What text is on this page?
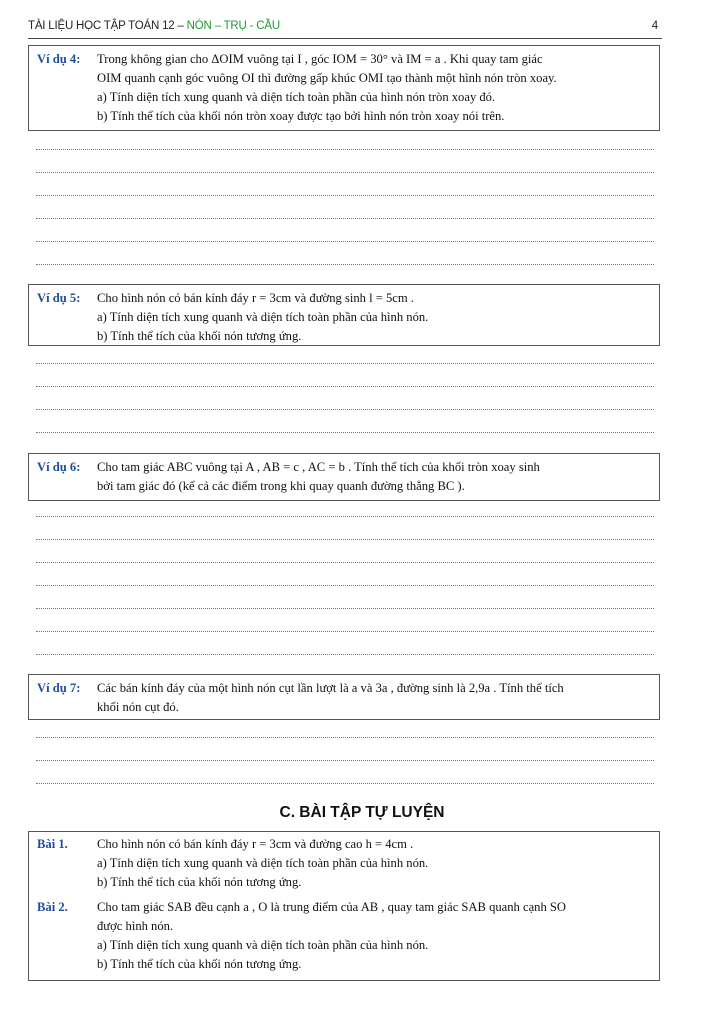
TÀI LIỆU HỌC TẬP TOÁN 12 – NÓN – TRỤ - CẦU	4
Ví dụ 4:	Trong không gian cho ΔOIM vuông tại I , góc IOM = 30° và IM = a . Khi quay tam giác
OIM quanh cạnh góc vuông OI thì đường gấp khúc OMI tạo thành một hình nón tròn xoay.
a) Tính diện tích xung quanh và diện tích toàn phần của hình nón tròn xoay đó.
b) Tính thể tích của khối nón tròn xoay được tạo bởi hình nón tròn xoay nói trên.
Ví dụ 5:	Cho hình nón có bán kính đáy r = 3cm và đường sinh l = 5cm .
a) Tính diện tích xung quanh và diện tích toàn phần của hình nón.
b) Tính thể tích của khối nón tương ứng.
Ví dụ 6:	Cho tam giác ABC vuông tại A , AB = c , AC = b . Tính thể tích của khối tròn xoay sinh
bởi tam giác đó (kể cả các điểm trong khi quay quanh đường thẳng BC ).
Ví dụ 7:	Các bán kính đáy của một hình nón cụt lần lượt là a và 3a , đường sinh là 2,9a . Tính thể tích
khối nón cụt đó.
C. BÀI TẬP TỰ LUYỆN
Bài 1.	Cho hình nón có bán kính đáy r = 3cm và đường cao h = 4cm .
a) Tính diện tích xung quanh và diện tích toàn phần của hình nón.
b) Tính thể tích của khối nón tương ứng.
Bài 2.	Cho tam giác SAB đều cạnh a , O là trung điểm của AB , quay tam giác SAB quanh cạnh SO
được hình nón.
a) Tính diện tích xung quanh và diện tích toàn phần của hình nón.
b) Tính thể tích của khối nón tương ứng.
